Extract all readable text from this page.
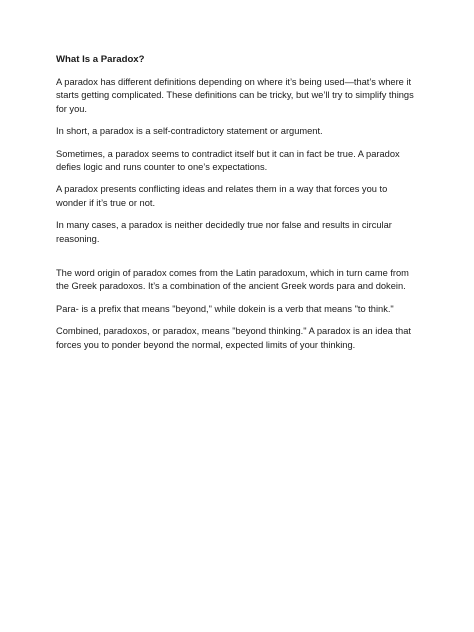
What Is a Paradox?

A paradox has different definitions depending on where it’s being used—that’s where it starts getting complicated. These definitions can be tricky, but we’ll try to simplify things for you.

In short, a paradox is a self-contradictory statement or argument.

Sometimes, a paradox seems to contradict itself but it can in fact be true. A paradox defies logic and runs counter to one’s expectations.

A paradox presents conflicting ideas and relates them in a way that forces you to wonder if it’s true or not.

In many cases, a paradox is neither decidedly true nor false and results in circular reasoning.

The word origin of paradox comes from the Latin paradoxum, which in turn came from the Greek paradoxos. It’s a combination of the ancient Greek words para and dokein.

Para- is a prefix that means "beyond," while dokein is a verb that means "to think."

Combined, paradoxos, or paradox, means "beyond thinking." A paradox is an idea that forces you to ponder beyond the normal, expected limits of your thinking.
